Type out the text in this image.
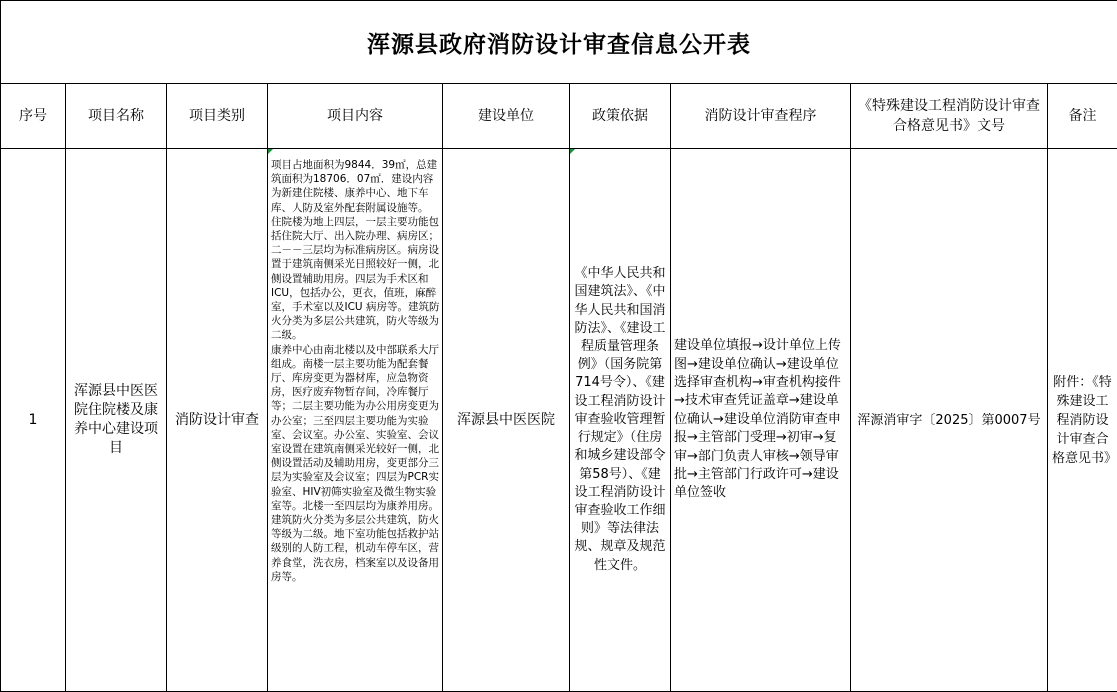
浑源县政府消防设计审查信息公开表								
序号	项目名称	项目类别	项目内容	建设单位	政策依据	消防设计审查程序	《特殊建设工程消防设计审查合格意见书》文号	备注
1	浑源县中医医院住院楼及康养中心建设项目	消防设计审查	项目占地面积为9844．39㎡，总建筑面积为18706．07㎡．建设内容为新建住院楼、康养中心、地下车库、人防及室外配套附属设施等。

住院楼为地上四层，一层主要功能包括住院大厅、出入院办理、病房区；二－－三层均为标准病房区。病房设置于建筑南侧采光日照较好一侧，北侧设置辅助用房。四层为手术区和ICU，包括办公，更衣，值班，麻醉室，手术室以及ICU 病房等。建筑防火分类为多层公共建筑，防火等级为二级。

康养中心由南北楼以及中部联系大厅组成。南楼一层主要功能为配套餐厅、库房变更为器材库，应急物资房，医疗废弃物暂存间，冷库餐厅等；二层主要功能为办公用房变更为办公室；三至四层主要功能为实验室、会议室。办公室、实验室、会议室设置在建筑南侧采光较好一侧，北侧设置活动及辅助用房，变更部分三层为实验室及会议室；四层为PCR实验室、HIV初筛实验室及微生物实验室等。北楼一至四层均为康养用房。建筑防火分类为多层公共建筑，防火等级为二级。地下室功能包括救护站级别的人防工程，机动车停车区，营养食堂，洗衣房，档案室以及设备用房等。	浑源县中医医院	《中华人民共和国建筑法》、《中华人民共和国消防法》、《建设工程质量管理条例》（国务院第714号令）、《建设工程消防设计审查验收管理暂行规定》（住房和城乡建设部令第58号）、《建设工程消防设计审查验收工作细则》等法律法规、规章及规范性文件。	建设单位填报→设计单位上传图→建设单位确认→建设单位选择审查机构→审查机构接件→技术审查凭证盖章→建设单位确认→建设单位消防审查申报→主管部门受理→初审→复审→部门负责人审核→领导审批→主管部门行政许可→建设单位签收	浑源消审字〔2025〕第0007号	附件：《特殊建设工程消防设计审查合格意见书》
